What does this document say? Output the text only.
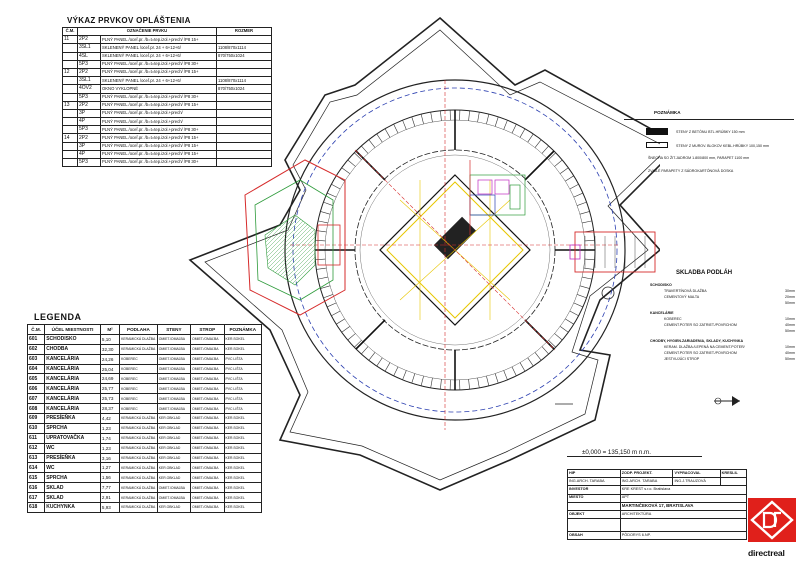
VÝKAZ PRVKOV OPLÁŠTENIA
Č.M.	OZNAČENIE PRVKU		ROZMER
11	2P2	PLNÝ PANEL /oceľ.pr. /b=t=tep.izol.+prech/ /P8 15+	
	3SL1	SKLENENÝ PANEL /oceľ.pr. 24 + 6+12+6/	1108/870x1114
	4SL	SKLENENÝ PANEL /oceľ.pr. 24 + 6+12+6/	870/750x1024
	5P3	PLNÝ PANEL /oceľ.pr. /b=t=tep.izol.+prech/ /P8 30+	
12	2P2	PLNÝ PANEL /oceľ.pr. /b=t=tep.izol.+prech/ /P8 15+	
	3SL1	SKLENENÝ PANEL /oceľ.pr. 24 + 6+12+6/	1108/870x1114
	4OV2	OKNO VYKLOPNÉ	870/750x1024
	5P3	PLNÝ PANEL /oceľ.pr. /b=t=tep.izol.+prech/ /P8 30+	
13	2P2	PLNÝ PANEL /oceľ.pr. /b=t=tep.izol.+prech/ /P8 15+	
	3P	PLNÝ PANEL /oceľ.pr. /b=t=tep.izol.+prech/	
	4P	PLNÝ PANEL /oceľ.pr. /b=t=tep.izol.+prech/	
	5P3	PLNÝ PANEL /oceľ.pr. /b=t=tep.izol.+prech/ /P8 30+	
14	2P2	PLNÝ PANEL /oceľ.pr. /b=t=tep.izol.+prech/ /P8 15+	
	3P	PLNÝ PANEL /oceľ.pr. /b=t=tep.izol.+prech/ /P8 15+	
	4P	PLNÝ PANEL /oceľ.pr. /b=t=tep.izol.+prech/ /P8 15+	
	5P3	PLNÝ PANEL /oceľ.pr. /b=t=tep.izol.+prech/ /P8 30+	
LEGENDA
Č.M.	ÚČEL MIESTNOSTI	M²	PODLAHA	STENY	STROP	POZNÁMKA
601	SCHODISKO	5,10	KERAMICKÁ DLAŽBA	OMIET./OMAĽBA	OMIET./OMAĽBA	KER.SOKEL
602	CHODBA	32,30	KERAMICKÁ DLAŽBA	OMIET./OMAĽBA	OMIET./OMAĽBA	KER.SOKEL
603	KANCELÁRIA	24,26	KOBEREC	OMIET./OMAĽBA	OMIET./OMAĽBA	PVC LIŠTA
604	KANCELÁRIA	25,04	KOBEREC	OMIET./OMAĽBA	OMIET./OMAĽBA	PVC LIŠTA
605	KANCELÁRIA	24,69	KOBEREC	OMIET./OMAĽBA	OMIET./OMAĽBA	PVC LIŠTA
606	KANCELÁRIA	25,77	KOBEREC	OMIET./OMAĽBA	OMIET./OMAĽBA	PVC LIŠTA
607	KANCELÁRIA	25,73	KOBEREC	OMIET./OMAĽBA	OMIET./OMAĽBA	PVC LIŠTA
608	KANCELÁRIA	28,37	KOBEREC	OMIET./OMAĽBA	OMIET./OMAĽBA	PVC LIŠTA
609	PRESÍEŇKA	4,42	KERAMICKÁ DLAŽBA	KER.OBKLAD	OMIET./OMAĽBA	KER.SOKEL
610	SPRCHA	1,23	KERAMICKÁ DLAŽBA	KER.OBKLAD	OMIET./OMAĽBA	KER.SOKEL
611	UPRATOVAČKA	1,74	KERAMICKÁ DLAŽBA	KER.OBKLAD	OMIET./OMAĽBA	KER.SOKEL
612	WC	1,23	KERAMICKÁ DLAŽBA	KER.OBKLAD	OMIET./OMAĽBA	KER.SOKEL
613	PRESÍEŇKA	3,16	KERAMICKÁ DLAŽBA	KER.OBKLAD	OMIET./OMAĽBA	KER.SOKEL
614	WC	1,27	KERAMICKÁ DLAŽBA	KER.OBKLAD	OMIET./OMAĽBA	KER.SOKEL
615	SPRCHA	1,56	KERAMICKÁ DLAŽBA	KER.OBKLAD	OMIET./OMAĽBA	KER.SOKEL
616	SKLAD	7,77	KERAMICKÁ DLAŽBA	OMIET./OMAĽBA	OMIET./OMAĽBA	KER.SOKEL
617	SKLAD	2,91	KERAMICKÁ DLAŽBA	OMIET./OMAĽBA	OMIET./OMAĽBA	KER.SOKEL
618	KUCHYNKA	5,93	KERAMICKÁ DLAŽBA	KER.OBKLAD	OMIET./OMAĽBA	KER.SOKEL
POZNÁMKA
STENY Z BETÓNU BTL.HRÚBKY 150 mm
STENY Z MUROV. BLOKOV KEBL.HRÚBKY 100,150 mm
ŠNECHA SO ŽIT.JADROM 1.800/800 mm, PARAPET 1100 mm
ZVISLÉ PARAPETY Z SÁDROKARTÓNOVÁ DOSKA
SKLADBA PODLÁH
SCHODISKO
TRAVERTÍNOVÁ DLAŽBA	30mm
CEMENTOVÝ MALTA	20mm
50mm
KANCELÁRIE
KOBEREC	10mm
CEMENT.POTER SO ZATRIET./POVRCHOM	40mm
50mm
CHODBY, HYGIEN.ZARIADENIA, SKLADY, KUCHYNKA
KERAM. DLAŽBA /LEPENÁ NA CEMENT.POTER/	10mm
CEMENT.POTER SO ZATRIET./POVRCHOM	40mm
JESTVUJÚCI STROP	50mm
±0,000 = 135,150 m n.m.
HIP	ZODP. PROJEKT.	VYPRACOVAL	KRESLIL
ING.ARCH. TARABA	ING.ARCH. TARABA	ING.J.TRAUZOVÁ	
INVESTOR	KRE KREST s.r.o. Bratislava		
MIESTO	APT		
	MARTINČEKOVÁ 17, BRATISLAVA		
OBJEKT	ARCHITEKTÚRA		

OBSAH	PÔDORYS 6.NP.		
directreal
